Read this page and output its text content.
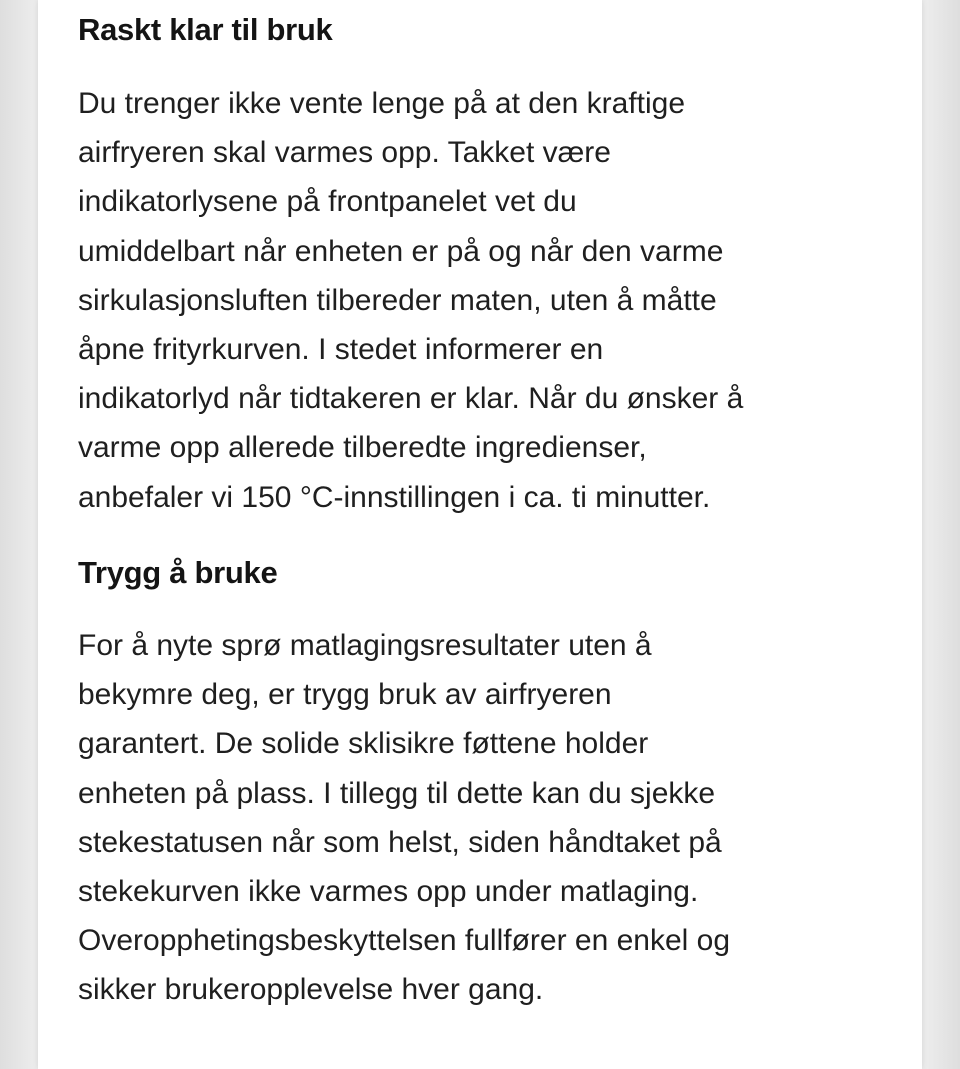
Raskt klar til bruk

Du trenger ikke vente lenge på at den kraftige
airfryeren skal varmes opp. Takket være
indikatorlysene på frontpanelet vet du
umiddelbart når enheten er på og når den varme
sirkulasjonsluften tilbereder maten, uten å måtte
åpne frityrkurven. I stedet informerer en
indikatorlyd når tidtakeren er klar. Når du ønsker å
varme opp allerede tilberedte ingredienser,
anbefaler vi 150 °C-innstillingen i ca. ti minutter.

Trygg å bruke

For å nyte sprø matlagingsresultater uten å
bekymre deg, er trygg bruk av airfryeren
garantert. De solide sklisikre føttene holder
enheten på plass. I tillegg til dette kan du sjekke
stekestatusen når som helst, siden håndtaket på
stekekurven ikke varmes opp under matlaging.
Overopphetingsbeskyttelsen fullfører en enkel og
sikker brukeropplevelse hver gang.
